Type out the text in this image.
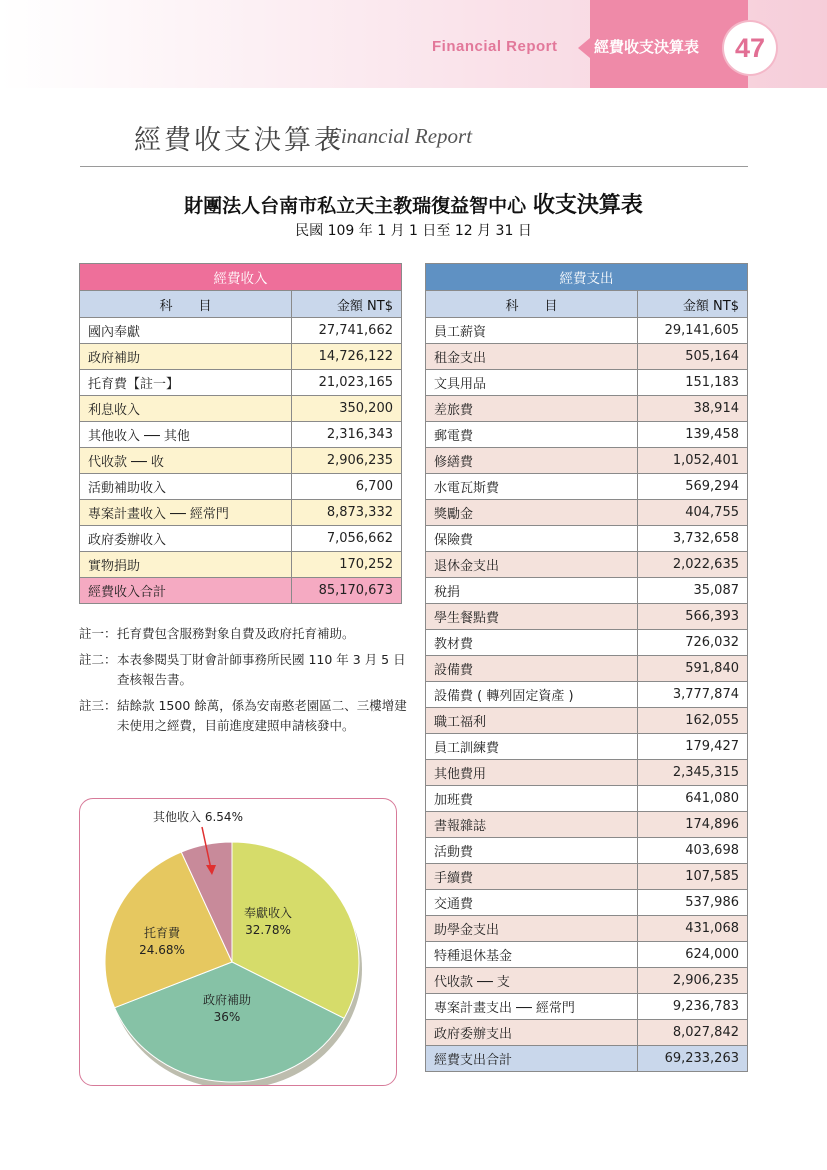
Financial Report 經費收支決算表	47
經費收支決算表
Financial Report
財團法人台南市私立天主教瑞復益智中心 收支決算表
民國 109 年 1 月 1 日至 12 月 31 日
經費收入	
科　　目	金額 NT$
國內奉獻	27,741,662
政府補助	14,726,122
托育費【註一】	21,023,165
利息收入	350,200
其他收入 ── 其他	2,316,343
代收款 ── 收	2,906,235
活動補助收入	6,700
專案計畫收入 ── 經常門	8,873,332
政府委辦收入	7,056,662
實物捐助	170,252
經費收入合計	85,170,673
經費支出	
科　　目	金額 NT$
員工薪資	29,141,605
租金支出	505,164
文具用品	151,183
差旅費	38,914
郵電費	139,458
修繕費	1,052,401
水電瓦斯費	569,294
獎勵金	404,755
保險費	3,732,658
退休金支出	2,022,635
稅捐	35,087
學生餐點費	566,393
教材費	726,032
設備費	591,840
設備費 ( 轉列固定資產 )	3,777,874
職工福利	162,055
員工訓練費	179,427
其他費用	2,345,315
加班費	641,080
書報雜誌	174,896
活動費	403,698
手續費	107,585
交通費	537,986
助學金支出	431,068
特種退休基金	624,000
代收款 ── 支	2,906,235
專案計畫支出 ── 經常門	9,236,783
政府委辦支出	8,027,842
經費支出合計	69,233,263
註一： 托育費包含服務對象自費及政府托育補助。
註二： 本表參閱吳丁財會計師事務所民國 110 年 3 月 5 日查核報告書。
註三： 結餘款 1500 餘萬，係為安南憨老園區二、三樓增建未使用之經費，目前進度建照申請核發中。
奉獻收入
32.78%
政府補助
36%
托育費
24.68%
其他收入 6.54%
